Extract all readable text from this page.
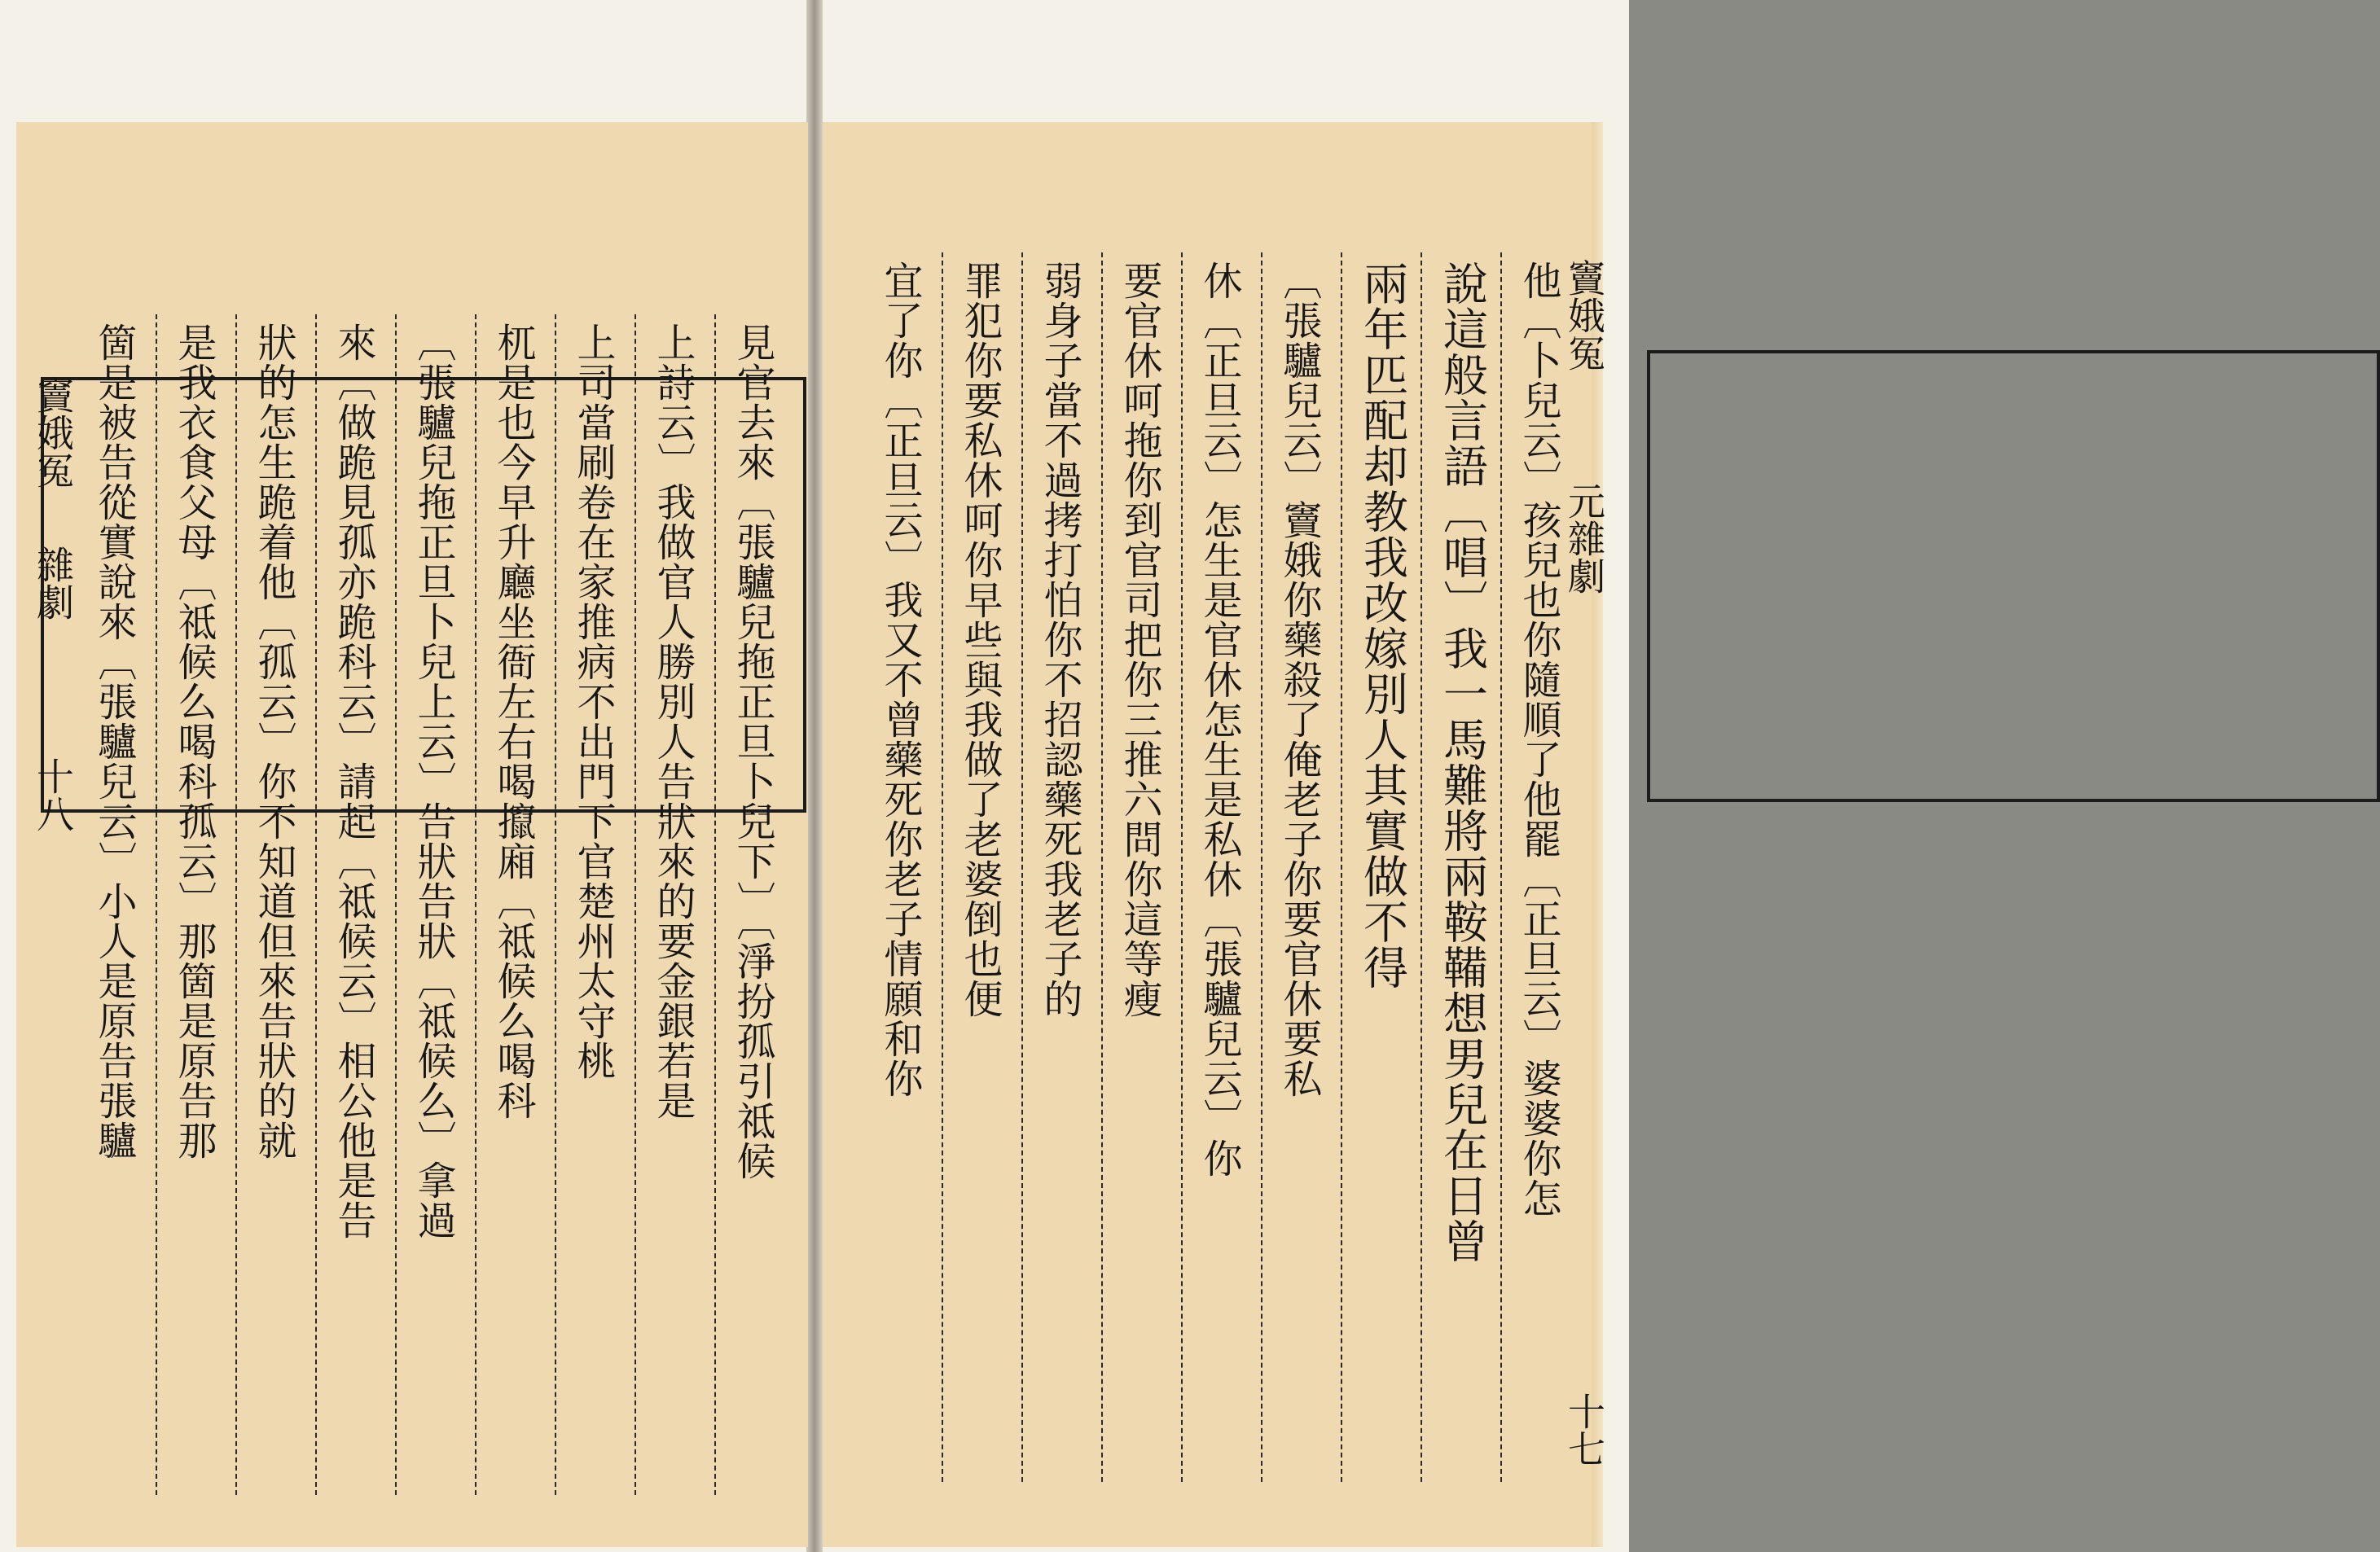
竇娥冤
雜劇
十八	見官去來〔張驢兒拖正旦卜兒下〕〔淨扮孤引祗候
上詩云〕我做官人勝別人告狀來的要金銀若是
上司當刷卷在家推病不出門下官楚州太守桃
杌是也今早升廳坐衙左右喝攛廂〔祗候么喝科
〔張驢兒拖正旦卜兒上云〕告狀告狀〔祗候么〕拿過
來〔做跪見孤亦跪科云〕請起〔祗候云〕相公他是告
狀的怎生跪着他〔孤云〕你不知道但來告狀的就
是我衣食父母〔祗候么喝科孤云〕那箇是原告那
箇是被告從實說來〔張驢兒云〕小人是原告張驢
竇娥冤
元雜劇
十七
他〔卜兒云〕孩兒也你隨順了他罷〔正旦云〕婆婆你怎
說這般言語〔唱〕我一馬難將兩鞍鞴想男兒在日曾
兩年匹配却教我改嫁別人其實做不得
〔張驢兒云〕竇娥你藥殺了俺老子你要官休要私
休〔正旦云〕怎生是官休怎生是私休〔張驢兒云〕你
要官休呵拖你到官司把你三推六問你這等瘦
弱身子當不過拷打怕你不招認藥死我老子的
罪犯你要私休呵你早些與我做了老婆倒也便
宜了你〔正旦云〕我又不曾藥死你老子情願和你
